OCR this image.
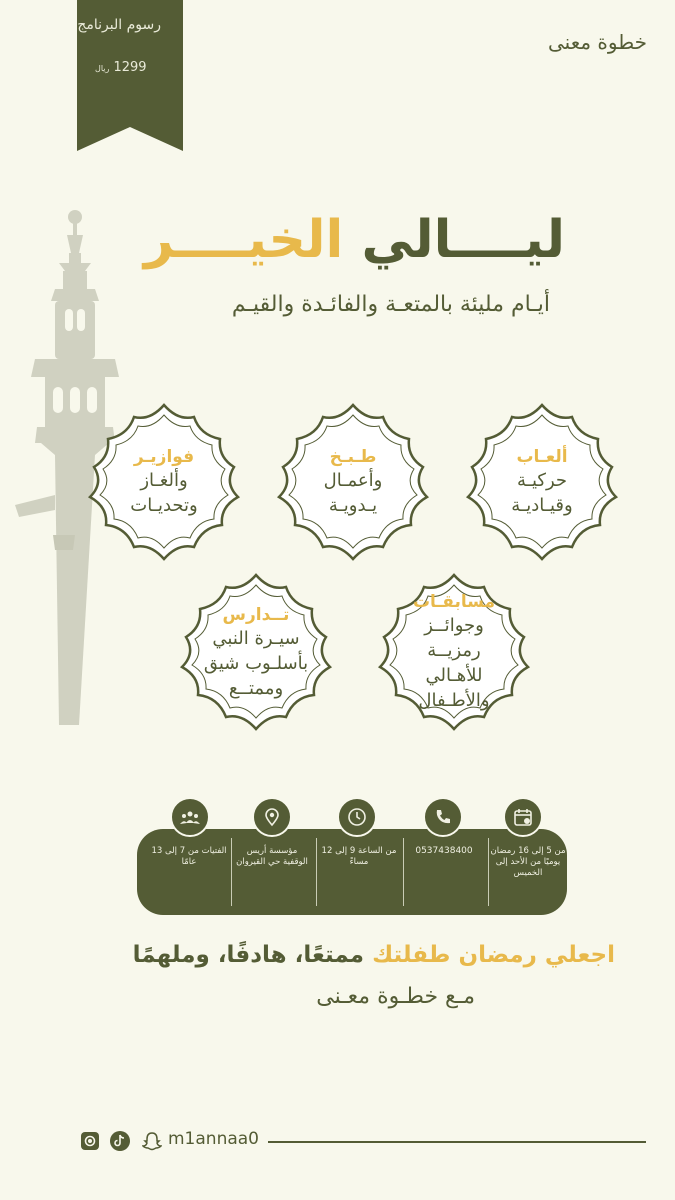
رسوم البرنامج
1299 ريال
خطوة معنى
ليــــالي الخيــــر
أيـام مليئة بالمتعـة والفائـدة والقيـم
ألعـاب
حركيـة
وقيـاديـة
طـبـخ
وأعمـال
يـدويـة
فوازيـر
وألغـاز
وتحديـات
مسابقـات
وجوائــز
رمزيــة
للأهـالي
والأطـفال
تــدارس
سيـرة النبي
بأسلـوب شيق
وممتــع
من 5 إلى 16 رمضان يوميًا من الأحد إلى الخميس
0537438400
من الساعة 9 إلى 12 مساءً
مؤسسة أريس الوقفية حي القيروان
الفتيات من 7 إلى 13 عامًا
اجعلي رمضان طفلتك ممتعًا، هادفًا، وملهمًا
مـع خطـوة معـنى
m1annaa0
